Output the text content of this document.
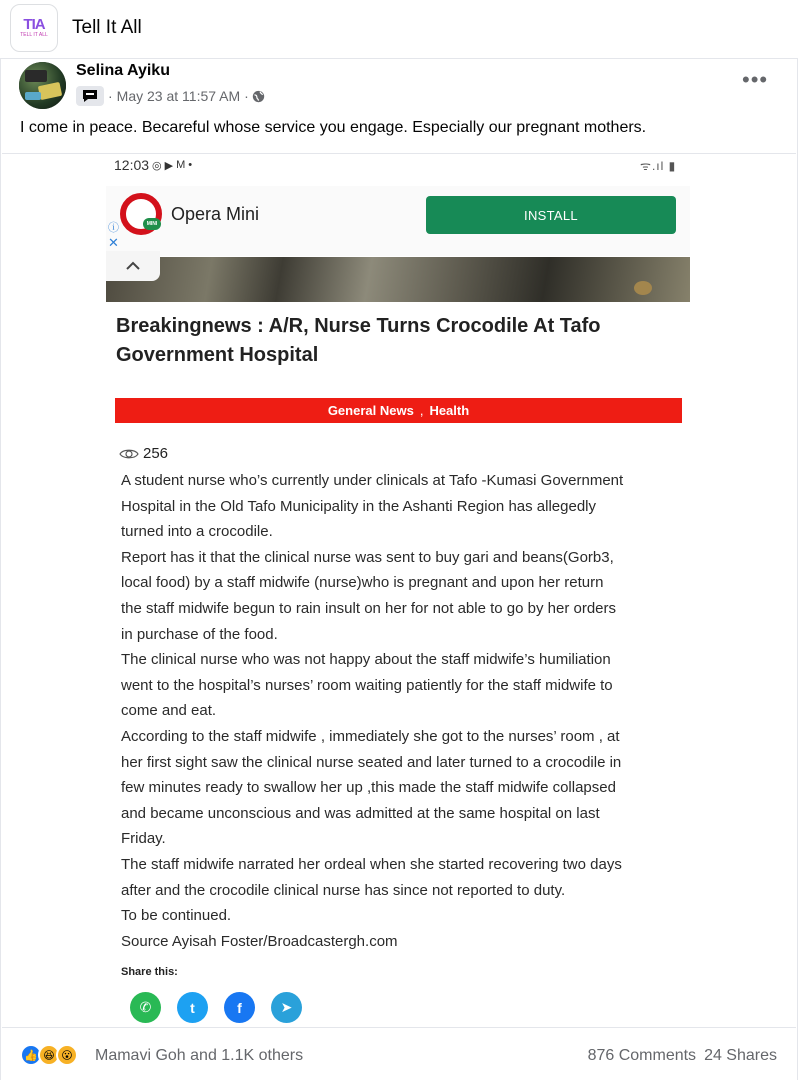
TIA
TELL IT ALL Tell It All
Selina Ayiku
· May 23 at 11:57 AM ·
•••
I come in peace. Becareful whose service you engage. Especially our pregnant mothers.
12:03 ◎ ▶ M •	ᯤ.ıl ▮
MINI Opera Mini	INSTALL
ⓘ
✕
Breakingnews : A/R, Nurse Turns Crocodile At Tafo Government Hospital
General News , Health
256

A student nurse who’s currently under clinicals at Tafo -Kumasi Government

Hospital in the Old Tafo Municipality in the Ashanti Region has allegedly

turned into a crocodile.

Report has it that the clinical nurse was sent to buy gari and beans(Gorb3,

local food) by a staff midwife (nurse)who is pregnant and upon her return

the staff midwife begun to rain insult on her for not able to go by her orders

in purchase of the food.

The clinical nurse who was not happy about the staff midwife’s humiliation

went to the hospital’s nurses’ room waiting patiently for the staff midwife to

come and eat.

According to the staff midwife , immediately she got to the nurses’ room , at

her first sight saw the clinical nurse seated and later turned to a crocodile in

few minutes ready to swallow her up ,this made the staff midwife collapsed

and became unconscious and was admitted at the same hospital on last

Friday.

The staff midwife narrated her ordeal when she started recovering two days

after and the crocodile clinical nurse has since not reported to duty.

To be continued.

Source Ayisah Foster/Broadcastergh.com

Share this:
✆	t	f	➤
👍 😆 😮	Mamavi Goh and 1.1K others	876 Comments 24 Shares
